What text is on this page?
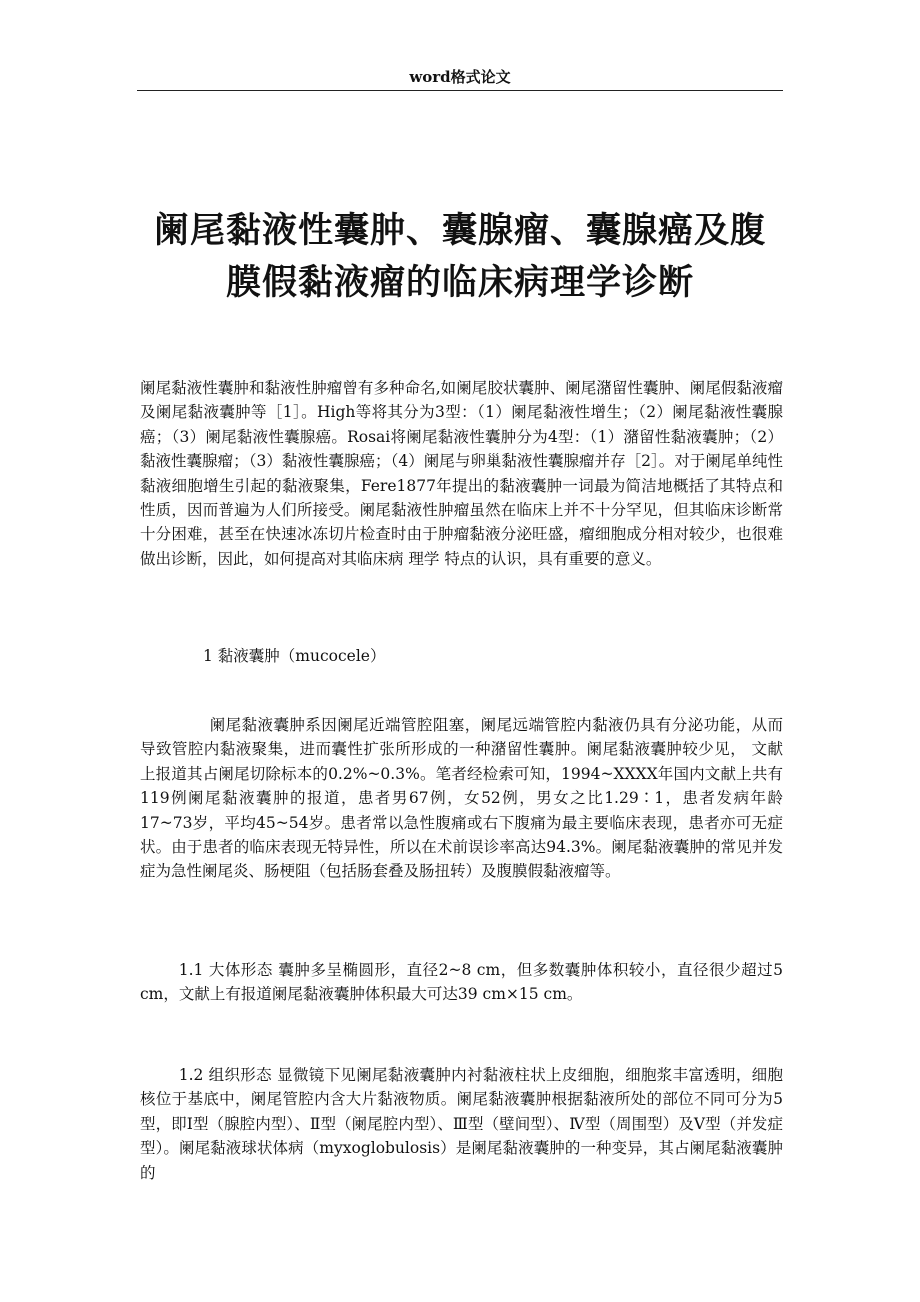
word格式论文
阑尾黏液性囊肿、囊腺瘤、囊腺癌及腹
膜假黏液瘤的临床病理学诊断
阑尾黏液性囊肿和黏液性肿瘤曾有多种命名,如阑尾胶状囊肿、阑尾潴留性囊肿、阑尾假黏液瘤及阑尾黏液囊肿等［1］。High等将其分为3型：（1）阑尾黏液性增生；（2）阑尾黏液性囊腺癌；（3）阑尾黏液性囊腺癌。Rosai将阑尾黏液性囊肿分为4型：（1）潴留性黏液囊肿；（2）黏液性囊腺瘤；（3）黏液性囊腺癌；（4）阑尾与卵巢黏液性囊腺瘤并存［2］。对于阑尾单纯性黏液细胞增生引起的黏液聚集，Fere1877年提出的黏液囊肿一词最为简洁地概括了其特点和性质，因而普遍为人们所接受。阑尾黏液性肿瘤虽然在临床上并不十分罕见，但其临床诊断常十分困难，甚至在快速冰冻切片检查时由于肿瘤黏液分泌旺盛，瘤细胞成分相对较少，也很难做出诊断，因此，如何提高对其临床病 理学 特点的认识，具有重要的意义。
1 黏液囊肿（mucocele）
阑尾黏液囊肿系因阑尾近端管腔阻塞，阑尾远端管腔内黏液仍具有分泌功能，从而导致管腔内黏液聚集，进而囊性扩张所形成的一种潴留性囊肿。阑尾黏液囊肿较少见， 文献 上报道其占阑尾切除标本的0.2%~0.3%。笔者经检索可知，1994~XXXX年国内文献上共有119例阑尾黏液囊肿的报道，患者男67例，女52例，男女之比1.29∶1，患者发病年龄17~73岁，平均45~54岁。患者常以急性腹痛或右下腹痛为最主要临床表现，患者亦可无症状。由于患者的临床表现无特异性，所以在术前误诊率高达94.3%。阑尾黏液囊肿的常见并发症为急性阑尾炎、肠梗阻（包括肠套叠及肠扭转）及腹膜假黏液瘤等。
1.1 大体形态 囊肿多呈椭圆形，直径2~8 cm，但多数囊肿体积较小，直径很少超过5 cm，文献上有报道阑尾黏液囊肿体积最大可达39 cm×15 cm。
1.2 组织形态 显微镜下见阑尾黏液囊肿内衬黏液柱状上皮细胞，细胞浆丰富透明，细胞核位于基底中，阑尾管腔内含大片黏液物质。阑尾黏液囊肿根据黏液所处的部位不同可分为5型，即Ⅰ型（腺腔内型）、Ⅱ型（阑尾腔内型）、Ⅲ型（壁间型）、Ⅳ型（周围型）及Ⅴ型（并发症型）。阑尾黏液球状体病（myxoglobulosis）是阑尾黏液囊肿的一种变异，其占阑尾黏液囊肿的
